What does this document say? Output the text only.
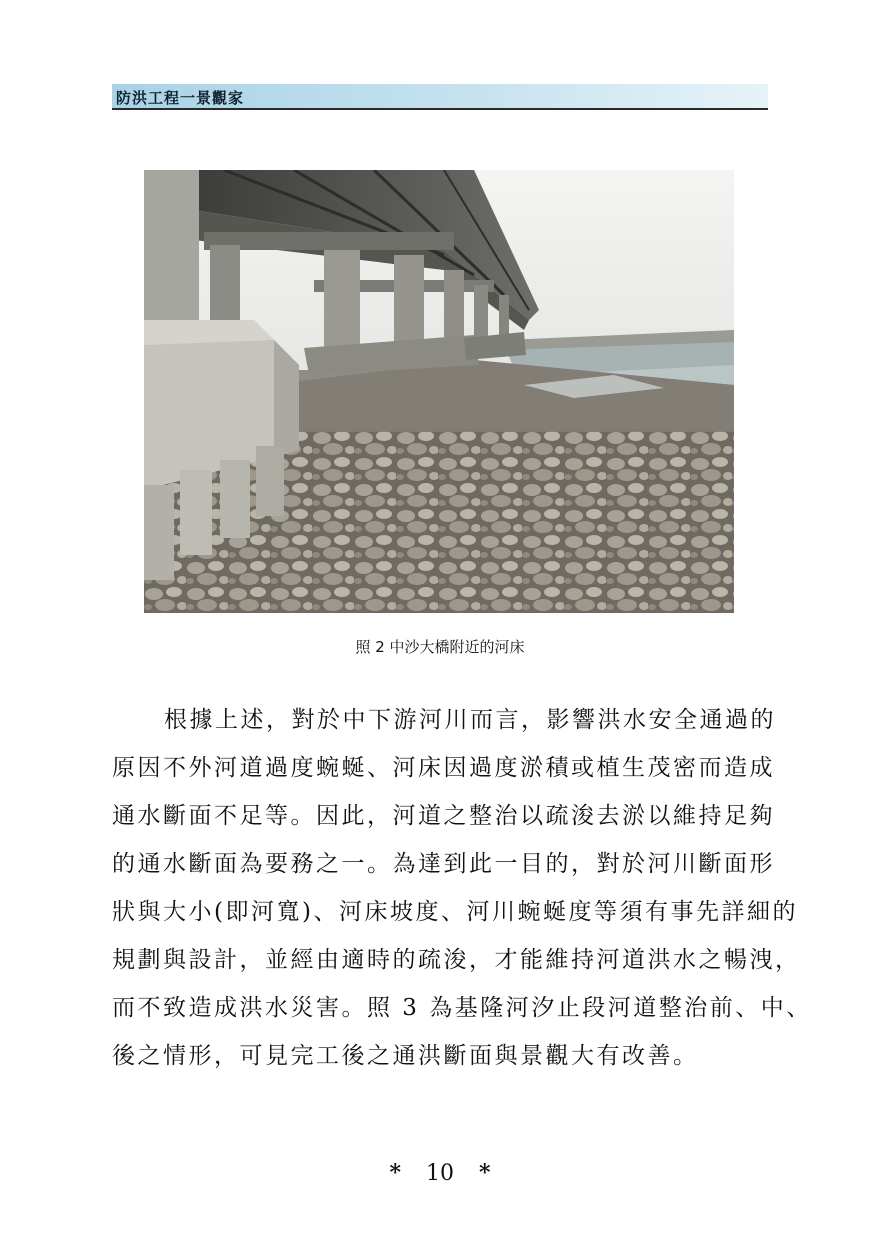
防洪工程一景觀家
照 2 中沙大橋附近的河床
根據上述，對於中下游河川而言，影響洪水安全通過的
原因不外河道過度蜿蜒、河床因過度淤積或植生茂密而造成
通水斷面不足等。因此，河道之整治以疏浚去淤以維持足夠
的通水斷面為要務之一。為達到此一目的，對於河川斷面形
狀與大小(即河寬)、河床坡度、河川蜿蜒度等須有事先詳細的
規劃與設計，並經由適時的疏浚，才能維持河道洪水之暢洩，
而不致造成洪水災害。照 3 為基隆河汐止段河道整治前、中、
後之情形，可見完工後之通洪斷面與景觀大有改善。
* 10 *
